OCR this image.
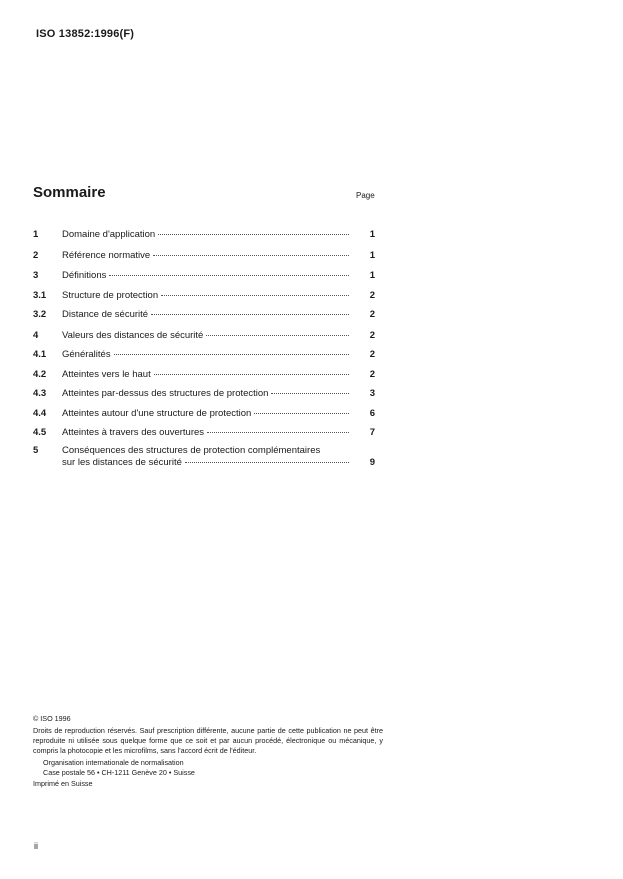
ISO 13852:1996(F)
Sommaire	Page
1 Domaine d'application	1
2 Référence normative	1
3 Définitions	1
3.1 Structure de protection	2
3.2 Distance de sécurité	2
4 Valeurs des distances de sécurité	2
4.1 Généralités	2
4.2 Atteintes vers le haut	2
4.3 Atteintes par-dessus des structures de protection	3
4.4 Atteintes autour d'une structure de protection	6
4.5 Atteintes à travers des ouvertures	7
5 Conséquences des structures de protection complémentaires
sur les distances de sécurité	9
© ISO 1996
Droits de reproduction réservés. Sauf prescription différente, aucune partie de cette publication ne peut être reproduite ni utilisée sous quelque forme que ce soit et par aucun procédé, électronique ou mécanique, y compris la photocopie et les microfilms, sans l'accord écrit de l'éditeur.
Organisation internationale de normalisation
Case postale 56 • CH-1211 Genève 20 • Suisse
Imprimé en Suisse
ii
